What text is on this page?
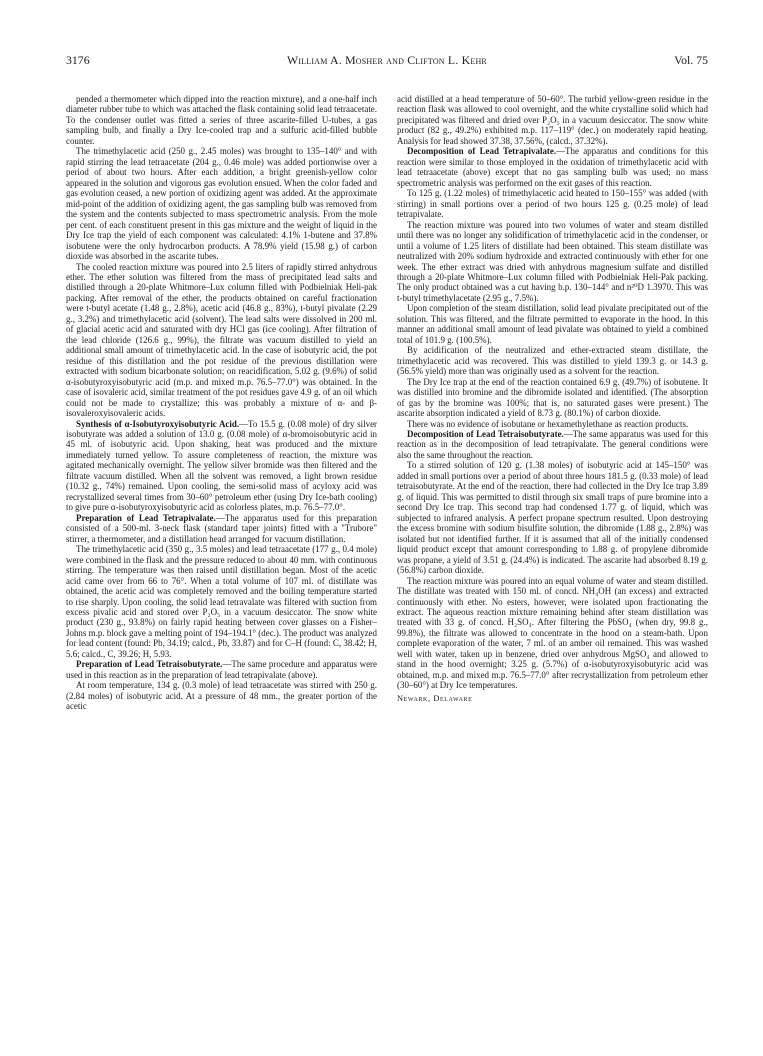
3176	William A. Mosher and Clifton L. Kehr	Vol. 75

pended a thermometer which dipped into the reaction mixture), and a one-half inch diameter rubber tube to which was attached the flask containing solid lead tetraacetate. To the condenser outlet was fitted a series of three ascarite-filled U-tubes, a gas sampling bulb, and finally a Dry Ice-cooled trap and a sulfuric acid-filled bubble counter.

The trimethylacetic acid (250 g., 2.45 moles) was brought to 135–140° and with rapid stirring the lead tetraacetate (204 g., 0.46 mole) was added portionwise over a period of about two hours. After each addition, a bright greenish-yellow color appeared in the solution and vigorous gas evolution ensued. When the color faded and gas evolution ceased, a new portion of oxidizing agent was added. At the approximate mid-point of the addition of oxidizing agent, the gas sampling bulb was removed from the system and the contents subjected to mass spectrometric analysis. From the mole per cent. of each constituent present in this gas mixture and the weight of liquid in the Dry Ice trap the yield of each component was calculated: 4.1% 1-butene and 37.8% isobutene were the only hydrocarbon products. A 78.9% yield (15.98 g.) of carbon dioxide was absorbed in the ascarite tubes.

The cooled reaction mixture was poured into 2.5 liters of rapidly stirred anhydrous ether. The ether solution was filtered from the mass of precipitated lead salts and distilled through a 20-plate Whitmore–Lux column filled with Podbielniak Heli-pak packing. After removal of the ether, the products obtained on careful fractionation were t-butyl acetate (1.48 g., 2.8%), acetic acid (46.8 g., 83%), t-butyl pivalate (2.29 g., 3.2%) and trimethylacetic acid (solvent). The lead salts were dissolved in 200 ml. of glacial acetic acid and saturated with dry HCl gas (ice cooling). After filtration of the lead chloride (126.6 g., 99%), the filtrate was vacuum distilled to yield an additional small amount of trimethylacetic acid. In the case of isobutyric acid, the pot residue of this distillation and the pot residue of the previous distillation were extracted with sodium bicarbonate solution; on reacidification, 5.02 g. (9.6%) of solid α-isobutyroxyisobutyric acid (m.p. and mixed m.p. 76.5–77.0°) was obtained. In the case of isovaleric acid, similar treatment of the pot residues gave 4.9 g. of an oil which could not be made to crystallize; this was probably a mixture of α- and β-isovaleroxyisovaleric acids.

Synthesis of α-Isobutyroxyisobutyric Acid.—To 15.5 g. (0.08 mole) of dry silver isobutyrate was added a solution of 13.0 g. (0.08 mole) of α-bromoisobutyric acid in 45 ml. of isobutyric acid. Upon shaking, heat was produced and the mixture immediately turned yellow. To assure completeness of reaction, the mixture was agitated mechanically overnight. The yellow silver bromide was then filtered and the filtrate vacuum distilled. When all the solvent was removed, a light brown residue (10.32 g., 74%) remained. Upon cooling, the semi-solid mass of acyloxy acid was recrystallized several times from 30–60° petroleum ether (using Dry Ice-bath cooling) to give pure α-isobutyroxyisobutyric acid as colorless plates, m.p. 76.5–77.0°.

Preparation of Lead Tetrapivalate.—The apparatus used for this preparation consisted of a 500-ml. 3-neck flask (standard taper joints) fitted with a "Trubore" stirrer, a thermometer, and a distillation head arranged for vacuum distillation.

The trimethylacetic acid (350 g., 3.5 moles) and lead tetraacetate (177 g., 0.4 mole) were combined in the flask and the pressure reduced to about 40 mm. with continuous stirring. The temperature was then raised until distillation began. Most of the acetic acid came over from 66 to 76°. When a total volume of 107 ml. of distillate was obtained, the acetic acid was completely removed and the boiling temperature started to rise sharply. Upon cooling, the solid lead tetravalate was filtered with suction from excess pivalic acid and stored over P₂O₅ in a vacuum desiccator. The snow white product (230 g., 93.8%) on fairly rapid heating between cover glasses on a Fisher–Johns m.p. block gave a melting point of 194–194.1° (dec.). The product was analyzed for lead content (found: Pb, 34.19; calcd., Pb, 33.87) and for C–H (found: C, 38.42; H, 5.6; calcd., C, 39.26; H, 5.93.

Preparation of Lead Tetraisobutyrate.—The same procedure and apparatus were used in this reaction as in the preparation of lead tetrapivalate (above).

At room temperature, 134 g. (0.3 mole) of lead tetraacetate was stirred with 250 g. (2.84 moles) of isobutyric acid. At a pressure of 48 mm., the greater portion of the acetic

acid distilled at a head temperature of 50–60°. The turbid yellow-green residue in the reaction flask was allowed to cool overnight, and the white crystalline solid which had precipitated was filtered and dried over P₂O₅ in a vacuum desiccator. The snow white product (82 g., 49.2%) exhibited m.p. 117–119° (dec.) on moderately rapid heating. Analysis for lead showed 37.38, 37.56%, (calcd., 37.32%).

Decomposition of Lead Tetrapivalate.—The apparatus and conditions for this reaction were similar to those employed in the oxidation of trimethylacetic acid with lead tetraacetate (above) except that no gas sampling bulb was used; no mass spectrometric analysis was performed on the exit gases of this reaction.

To 125 g. (1.22 moles) of trimethylacetic acid heated to 150–155° was added (with stirring) in small portions over a period of two hours 125 g. (0.25 mole) of lead tetrapivalate.

The reaction mixture was poured into two volumes of water and steam distilled until there was no longer any solidification of trimethylacetic acid in the condenser, or until a volume of 1.25 liters of distillate had been obtained. This steam distillate was neutralized with 20% sodium hydroxide and extracted continuously with ether for one week. The ether extract was dried with anhydrous magnesium sulfate and distilled through a 20-plate Whitmore–Lux column filled with Podbielniak Heli-Pak packing. The only product obtained was a cut having b.p. 130–144° and n²⁰D 1.3970. This was t-butyl trimethylacetate (2.95 g., 7.5%).

Upon completion of the steam distillation, solid lead pivalate precipitated out of the solution. This was filtered, and the filtrate permitted to evaporate in the hood. In this manner an additional small amount of lead pivalate was obtained to yield a combined total of 101.9 g. (100.5%).

By acidification of the neutralized and ether-extracted steam distillate, the trimethylacetic acid was recovered. This was distilled to yield 139.3 g. or 14.3 g. (56.5% yield) more than was originally used as a solvent for the reaction.

The Dry Ice trap at the end of the reaction contained 6.9 g. (49.7%) of isobutene. It was distilled into bromine and the dibromide isolated and identified. (The absorption of gas by the bromine was 100%; that is, no saturated gases were present.) The ascarite absorption indicated a yield of 8.73 g. (80.1%) of carbon dioxide.

There was no evidence of isobutane or hexamethylethane as reaction products.

Decomposition of Lead Tetraisobutyrate.—The same apparatus was used for this reaction as in the decomposition of lead tetrapivalate. The general conditions were also the same throughout the reaction.

To a stirred solution of 120 g. (1.38 moles) of isobutyric acid at 145–150° was added in small portions over a period of about three hours 181.5 g. (0.33 mole) of lead tetraisobutyrate. At the end of the reaction, there had collected in the Dry Ice trap 3.89 g. of liquid. This was permitted to distil through six small traps of pure bromine into a second Dry Ice trap. This second trap had condensed 1.77 g. of liquid, which was subjected to infrared analysis. A perfect propane spectrum resulted. Upon destroying the excess bromine with sodium bisulfite solution, the dibromide (1.88 g., 2.8%) was isolated but not identified further. If it is assumed that all of the initially condensed liquid product except that amount corresponding to 1.88 g. of propylene dibromide was propane, a yield of 3.51 g. (24.4%) is indicated. The ascarite had absorbed 8.19 g. (56.8%) carbon dioxide.

The reaction mixture was poured into an equal volume of water and steam distilled. The distillate was treated with 150 ml. of concd. NH₄OH (an excess) and extracted continuously with ether. No esters, however, were isolated upon fractionating the extract. The aqueous reaction mixture remaining behind after steam distillation was treated with 33 g. of concd. H₂SO₄. After filtering the PbSO₄ (when dry, 99.8 g., 99.8%), the filtrate was allowed to concentrate in the hood on a steam-bath. Upon complete evaporation of the water, 7 ml. of an amber oil remained. This was washed well with water, taken up in benzene, dried over anhydrous MgSO₄ and allowed to stand in the hood overnight; 3.25 g. (5.7%) of α-isobutyroxyisobutyric acid was obtained, m.p. and mixed m.p. 76.5–77.0° after recrystallization from petroleum ether (30–60°) at Dry Ice temperatures.

Newark, Delaware
